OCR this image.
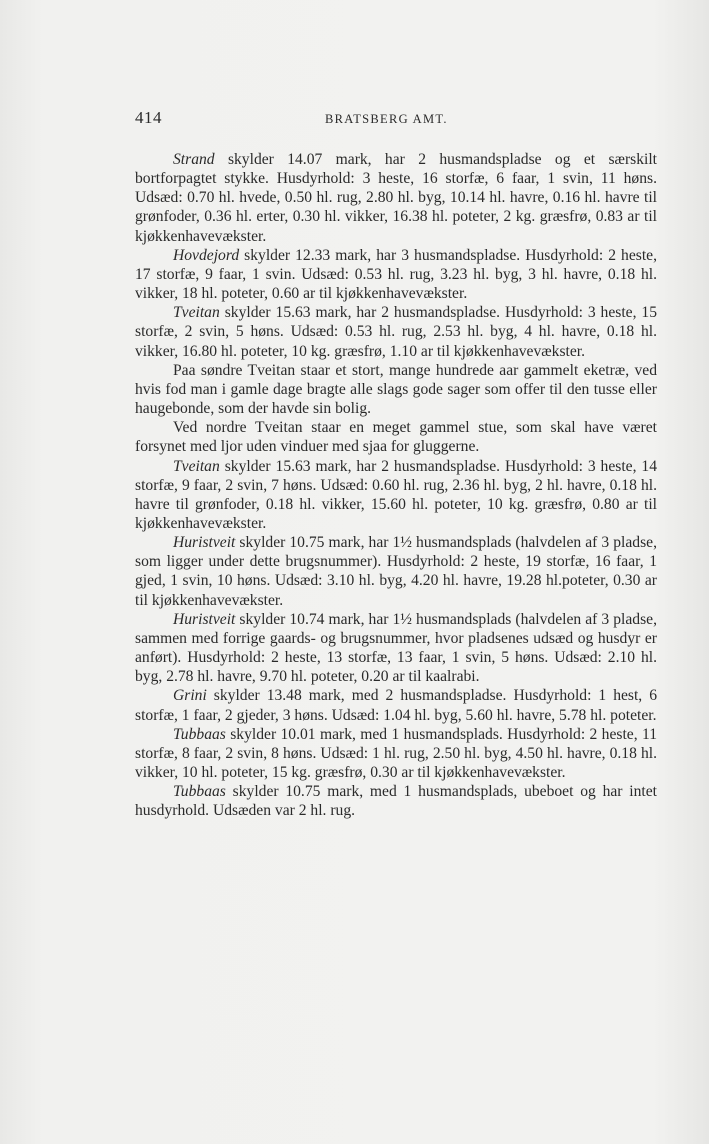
414	BRATSBERG AMT.

Strand skylder 14.07 mark, har 2 husmandspladse og et særskilt bortforpagtet stykke. Husdyrhold: 3 heste, 16 storfæ, 6 faar, 1 svin, 11 høns. Udsæd: 0.70 hl. hvede, 0.50 hl. rug, 2.80 hl. byg, 10.14 hl. havre, 0.16 hl. havre til grønfoder, 0.36 hl. erter, 0.30 hl. vikker, 16.38 hl. poteter, 2 kg. græsfrø, 0.83 ar til kjøkkenhavevækster.

Hovdejord skylder 12.33 mark, har 3 husmandspladse. Husdyrhold: 2 heste, 17 storfæ, 9 faar, 1 svin. Udsæd: 0.53 hl. rug, 3.23 hl. byg, 3 hl. havre, 0.18 hl. vikker, 18 hl. poteter, 0.60 ar til kjøkkenhavevækster.

Tveitan skylder 15.63 mark, har 2 husmandspladse. Husdyrhold: 3 heste, 15 storfæ, 2 svin, 5 høns. Udsæd: 0.53 hl. rug, 2.53 hl. byg, 4 hl. havre, 0.18 hl. vikker, 16.80 hl. poteter, 10 kg. græsfrø, 1.10 ar til kjøkkenhavevækster.

Paa søndre Tveitan staar et stort, mange hundrede aar gammelt eketræ, ved hvis fod man i gamle dage bragte alle slags gode sager som offer til den tusse eller haugebonde, som der havde sin bolig.

Ved nordre Tveitan staar en meget gammel stue, som skal have været forsynet med ljor uden vinduer med sjaa for gluggerne.

Tveitan skylder 15.63 mark, har 2 husmandspladse. Husdyrhold: 3 heste, 14 storfæ, 9 faar, 2 svin, 7 høns. Udsæd: 0.60 hl. rug, 2.36 hl. byg, 2 hl. havre, 0.18 hl. havre til grønfoder, 0.18 hl. vikker, 15.60 hl. poteter, 10 kg. græsfrø, 0.80 ar til kjøkkenhavevækster.

Huristveit skylder 10.75 mark, har 1½ husmandsplads (halvdelen af 3 pladse, som ligger under dette brugsnummer). Husdyrhold: 2 heste, 19 storfæ, 16 faar, 1 gjed, 1 svin, 10 høns. Udsæd: 3.10 hl. byg, 4.20 hl. havre, 19.28 hl.poteter, 0.30 ar til kjøkkenhavevækster.

Huristveit skylder 10.74 mark, har 1½ husmandsplads (halvdelen af 3 pladse, sammen med forrige gaards- og brugsnummer, hvor pladsenes udsæd og husdyr er anført). Husdyrhold: 2 heste, 13 storfæ, 13 faar, 1 svin, 5 høns. Udsæd: 2.10 hl. byg, 2.78 hl. havre, 9.70 hl. poteter, 0.20 ar til kaalrabi.

Grini skylder 13.48 mark, med 2 husmandspladse. Husdyrhold: 1 hest, 6 storfæ, 1 faar, 2 gjeder, 3 høns. Udsæd: 1.04 hl. byg, 5.60 hl. havre, 5.78 hl. poteter.

Tubbaas skylder 10.01 mark, med 1 husmandsplads. Husdyrhold: 2 heste, 11 storfæ, 8 faar, 2 svin, 8 høns. Udsæd: 1 hl. rug, 2.50 hl. byg, 4.50 hl. havre, 0.18 hl. vikker, 10 hl. poteter, 15 kg. græsfrø, 0.30 ar til kjøkkenhavevækster.

Tubbaas skylder 10.75 mark, med 1 husmandsplads, ubeboet og har intet husdyrhold. Udsæden var 2 hl. rug.
